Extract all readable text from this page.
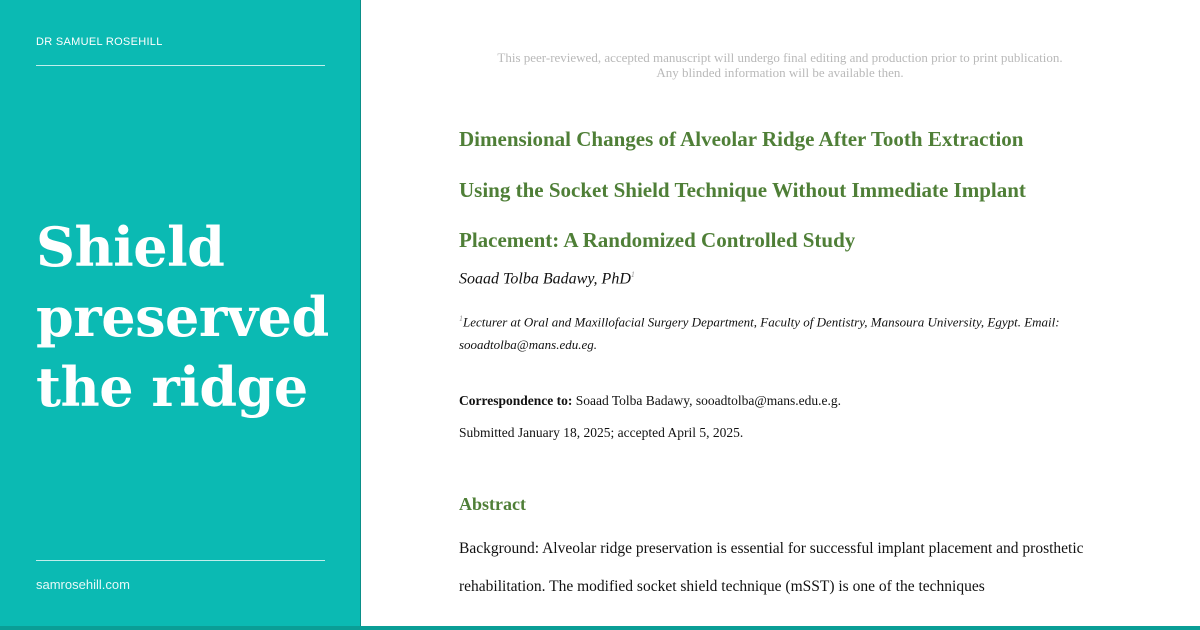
DR SAMUEL ROSEHILL
Shield preserved the ridge
samrosehill.com
This peer-reviewed, accepted manuscript will undergo final editing and production prior to print publication.
Any blinded information will be available then.
Dimensional Changes of Alveolar Ridge After Tooth Extraction
Using the Socket Shield Technique Without Immediate Implant
Placement: A Randomized Controlled Study
Soaad Tolba Badawy, PhD$^1$
$^1$Lecturer at Oral and Maxillofacial Surgery Department, Faculty of Dentistry, Mansoura University, Egypt. Email: sooadtolba@mans.edu.eg.
Correspondence to: Soaad Tolba Badawy, sooadtolba@mans.edu.e.g.
Submitted January 18, 2025; accepted April 5, 2025.
Abstract
Background: Alveolar ridge preservation is essential for successful implant placement and prosthetic rehabilitation. The modified socket shield technique (mSST) is one of the techniques
